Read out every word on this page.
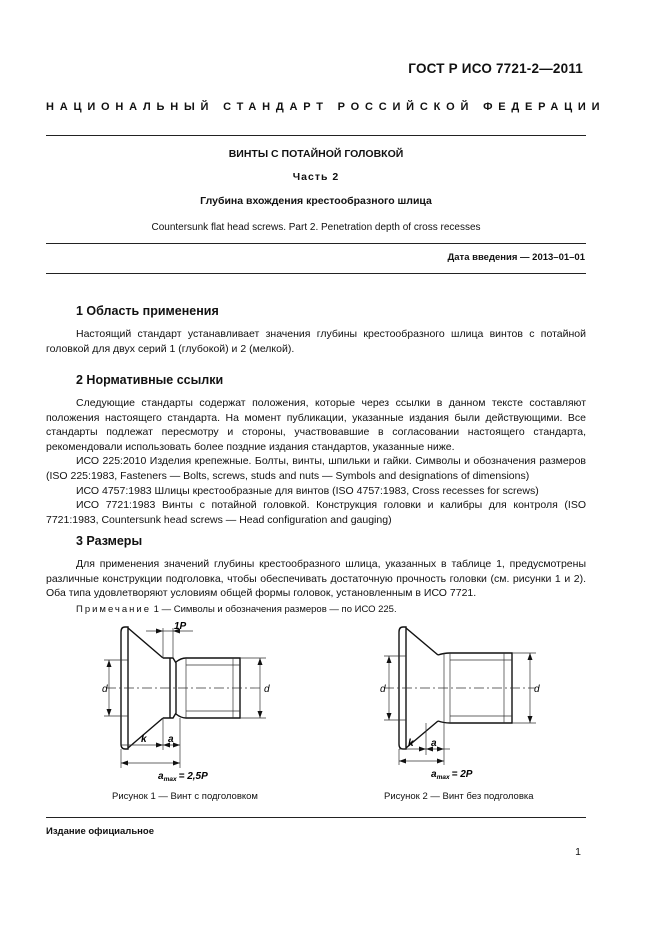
ГОСТ Р ИСО 7721-2—2011
НАЦИОНАЛЬНЫЙ СТАНДАРТ РОССИЙСКОЙ ФЕДЕРАЦИИ
ВИНТЫ С ПОТАЙНОЙ ГОЛОВКОЙ
Часть 2
Глубина вхождения крестообразного шлица
Countersunk flat head screws. Part 2. Penetration depth of cross recesses
Дата введения — 2013–01–01
1 Область применения

Настоящий стандарт устанавливает значения глубины крестообразного шлица винтов с потайной головкой для двух серий 1 (глубокой) и 2 (мелкой).

2 Нормативные ссылки

Следующие стандарты содержат положения, которые через ссылки в данном тексте составляют положения настоящего стандарта. На момент публикации, указанные издания были действующими. Все стандарты подлежат пересмотру и стороны, участвовавшие в согласовании настоящего стандарта, рекомендовали использовать более поздние издания стандартов, указанные ниже.

ИСО 225:2010 Изделия крепежные. Болты, винты, шпильки и гайки. Символы и обозначения размеров (ISO 225:1983, Fasteners — Bolts, screws, studs and nuts — Symbols and designations of dimensions)

ИСО 4757:1983 Шлицы крестообразные для винтов (ISO 4757:1983, Cross recesses for screws)

ИСО 7721:1983 Винты с потайной головкой. Конструкция головки и калибры для контроля (ISO 7721:1983, Countersunk head screws — Head configuration and gauging)

3 Размеры

Для применения значений глубины крестообразного шлица, указанных в таблице 1, предусмотрены различные конструкции подголовка, чтобы обеспечивать достаточную прочность головки (см. рисунки 1 и 2). Оба типа удовлетворяют условиям общей формы головок, установленным в ИСО 7721.

Примечание 1 — Символы и обозначения размеров — по ИСО 225.
1P
d	d
k a
$a_{max} = 2,5P$
Рисунок 1 — Винт с подголовком
d	d
k a
$a_{max} = 2P$
Рисунок 2 — Винт без подголовка
Издание официальное
1
